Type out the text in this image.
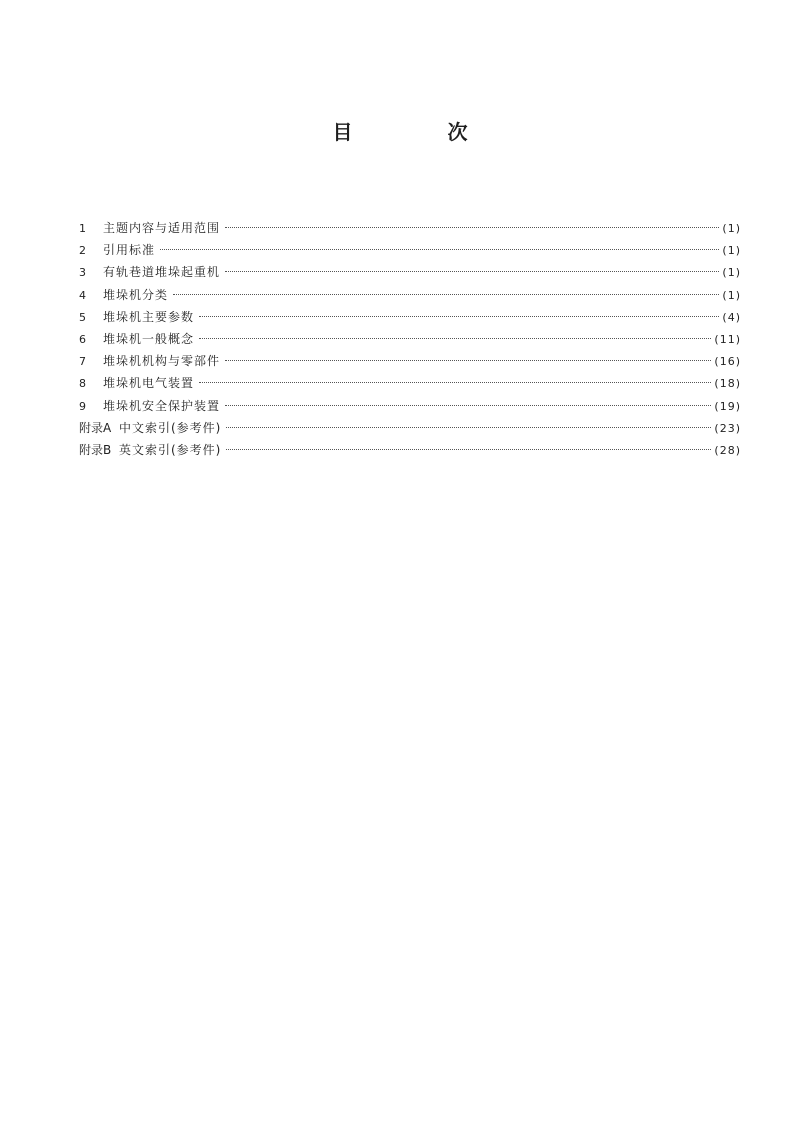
目 次
1	主题内容与适用范围	(1)
2	引用标准	(1)
3	有轨巷道堆垛起重机	(1)
4	堆垛机分类	(1)
5	堆垛机主要参数	(4)
6	堆垛机一般概念	(11)
7	堆垛机机构与零部件	(16)
8	堆垛机电气装置	(18)
9	堆垛机安全保护装置	(19)
附录A 中文索引(参考件)	(23)
附录B 英文索引(参考件)	(28)
